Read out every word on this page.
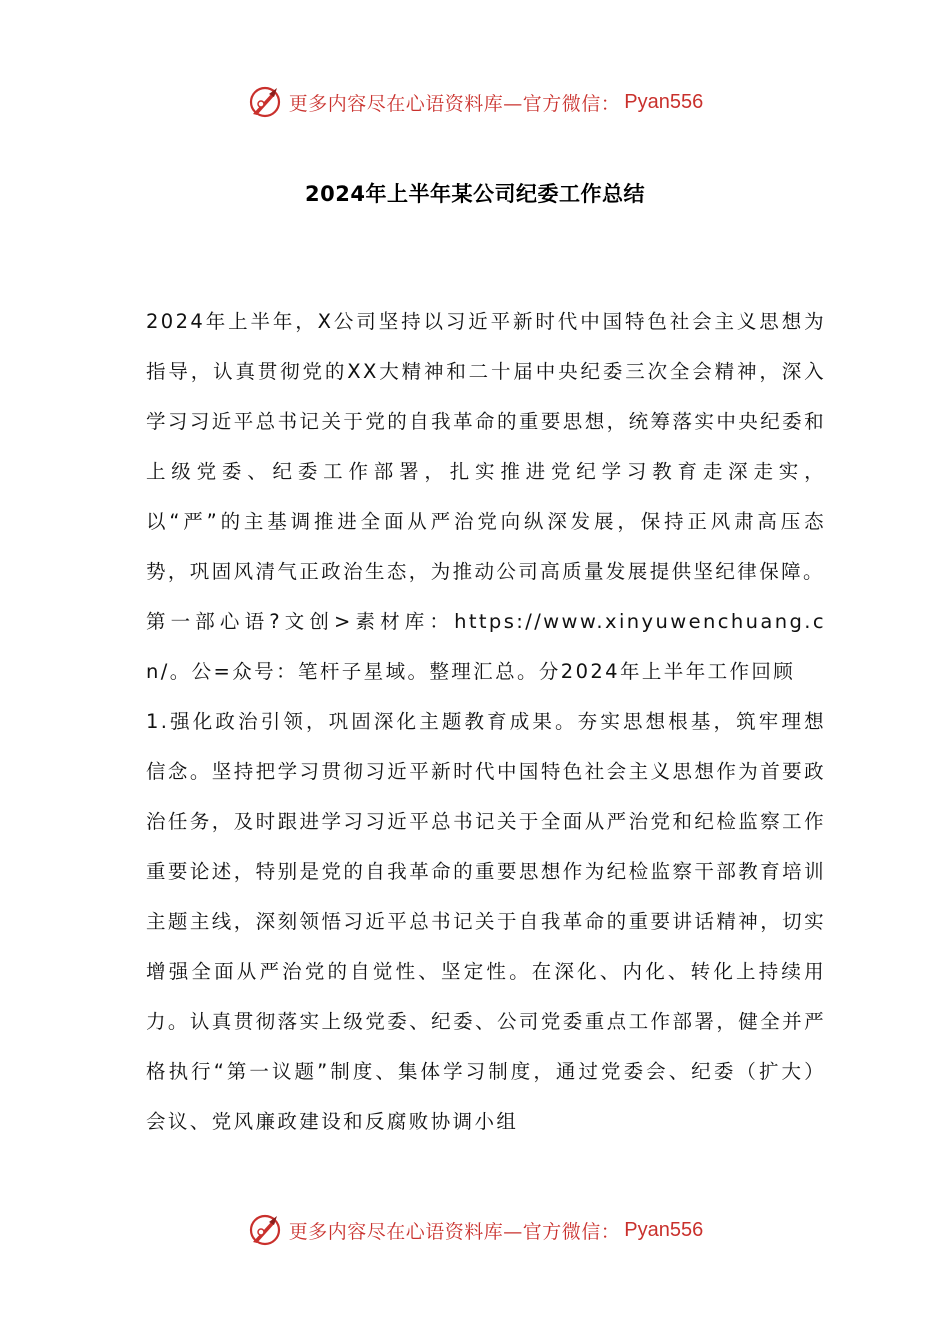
更多内容尽在心语资料库—官方微信： Pyan556
2024年上半年某公司纪委工作总结

2024年上半年，X公司坚持以习近平新时代中国特色社会主义思想为指导，认真贯彻党的XX大精神和二十届中央纪委三次全会精神，深入学习习近平总书记关于党的自我革命的重要思想，统筹落实中央纪委和上级党委、纪委工作部署，扎实推进党纪学习教育走深走实，以“严”的主基调推进全面从严治党向纵深发展，保持正风肃高压态势，巩固风清气正政治生态，为推动公司高质量发展提供坚纪律保障。

第一部心语?文创>素材库：https://www.xinyuwenchuang.cn/。公=众号：笔杆子星域。整理汇总。分2024年上半年工作回顾

1.强化政治引领，巩固深化主题教育成果。夯实思想根基，筑牢理想信念。坚持把学习贯彻习近平新时代中国特色社会主义思想作为首要政治任务，及时跟进学习习近平总书记关于全面从严治党和纪检监察工作重要论述，特别是党的自我革命的重要思想作为纪检监察干部教育培训主题主线，深刻领悟习近平总书记关于自我革命的重要讲话精神，切实增强全面从严治党的自觉性、坚定性。在深化、内化、转化上持续用力。认真贯彻落实上级党委、纪委、公司党委重点工作部署，健全并严格执行“第一议题”制度、集体学习制度，通过党委会、纪委（扩大）会议、党风廉政建设和反腐败协调小组

更多内容尽在心语资料库—官方微信： Pyan556
